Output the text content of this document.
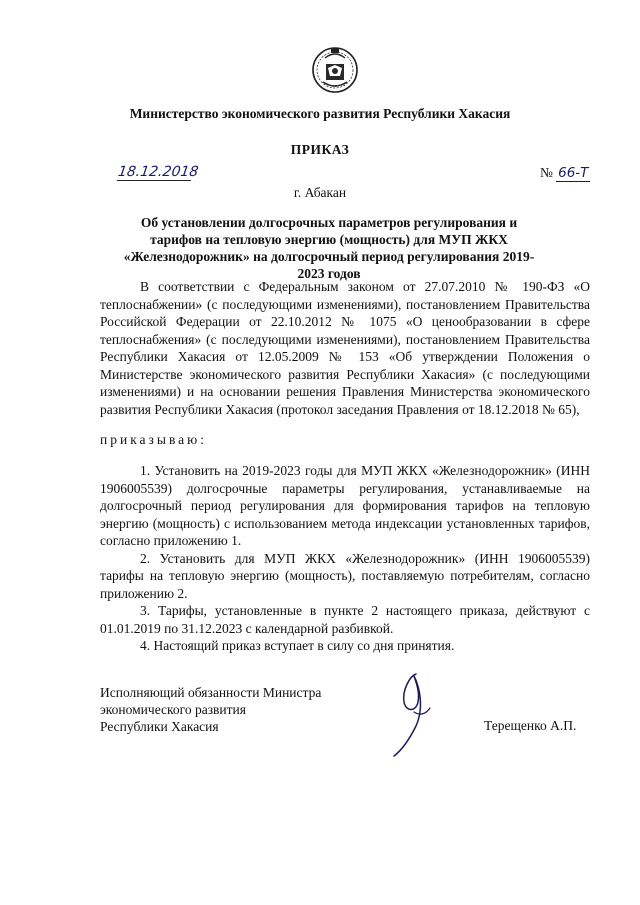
Министерство экономического развития Республики Хакасия
ПРИКАЗ
18.12.2018	№ 66-Т
г. Абакан
Об установлении долгосрочных параметров регулирования и тарифов на тепловую энергию (мощность) для МУП ЖКХ «Железнодорожник» на долгосрочный период регулирования 2019-2023 годов
В соответствии с Федеральным законом от 27.07.2010 № 190-ФЗ «О теплоснабжении» (с последующими изменениями), постановлением Правительства Российской Федерации от 22.10.2012 № 1075 «О ценообразовании в сфере теплоснабжения» (с последующими изменениями), постановлением Правительства Республики Хакасия от 12.05.2009 № 153 «Об утверждении Положения о Министерстве экономического развития Республики Хакасия» (с последующими изменениями) и на основании решения Правления Министерства экономического развития Республики Хакасия (протокол заседания Правления от 18.12.2018 № 65),
приказываю:

1. Установить на 2019-2023 годы для МУП ЖКХ «Железнодорожник» (ИНН 1906005539) долгосрочные параметры регулирования, устанавливаемые на долгосрочный период регулирования для формирования тарифов на тепловую энергию (мощность) с использованием метода индексации установленных тарифов, согласно приложению 1.

2. Установить для МУП ЖКХ «Железнодорожник» (ИНН 1906005539) тарифы на тепловую энергию (мощность), поставляемую потребителям, согласно приложению 2.

3. Тарифы, установленные в пункте 2 настоящего приказа, действуют с 01.01.2019 по 31.12.2023 с календарной разбивкой.

4. Настоящий приказ вступает в силу со дня принятия.

Исполняющий обязанности Министра
экономического развития
Республики Хакасия	Терещенко А.П.
